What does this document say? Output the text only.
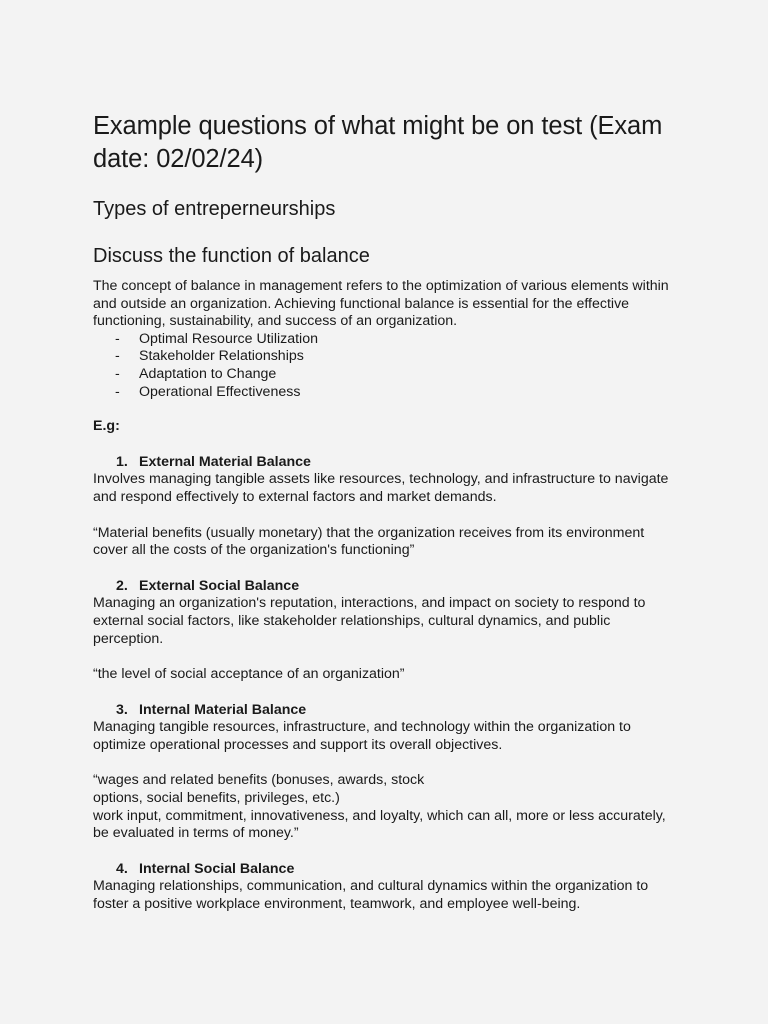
Example questions of what might be on test (Exam date: 02/02/24)
Types of entreperneurships
Discuss the function of balance

The concept of balance in management refers to the optimization of various elements within and outside an organization. Achieving functional balance is essential for the effective functioning, sustainability, and success of an organization.

- Optimal Resource Utilization
- Stakeholder Relationships
- Adaptation to Change
- Operational Effectiveness

E.g:

1. External Material Balance

Involves managing tangible assets like resources, technology, and infrastructure to navigate and respond effectively to external factors and market demands.

“Material benefits (usually monetary) that the organization receives from its environment cover all the costs of the organization's functioning”

2. External Social Balance

Managing an organization's reputation, interactions, and impact on society to respond to external social factors, like stakeholder relationships, cultural dynamics, and public perception.

“the level of social acceptance of an organization”

3. Internal Material Balance

Managing tangible resources, infrastructure, and technology within the organization to optimize operational processes and support its overall objectives.

“wages and related benefits (bonuses, awards, stock

options, social benefits, privileges, etc.)

work input, commitment, innovativeness, and loyalty, which can all, more or less accurately, be evaluated in terms of money.”

4. Internal Social Balance

Managing relationships, communication, and cultural dynamics within the organization to foster a positive workplace environment, teamwork, and employee well-being.
